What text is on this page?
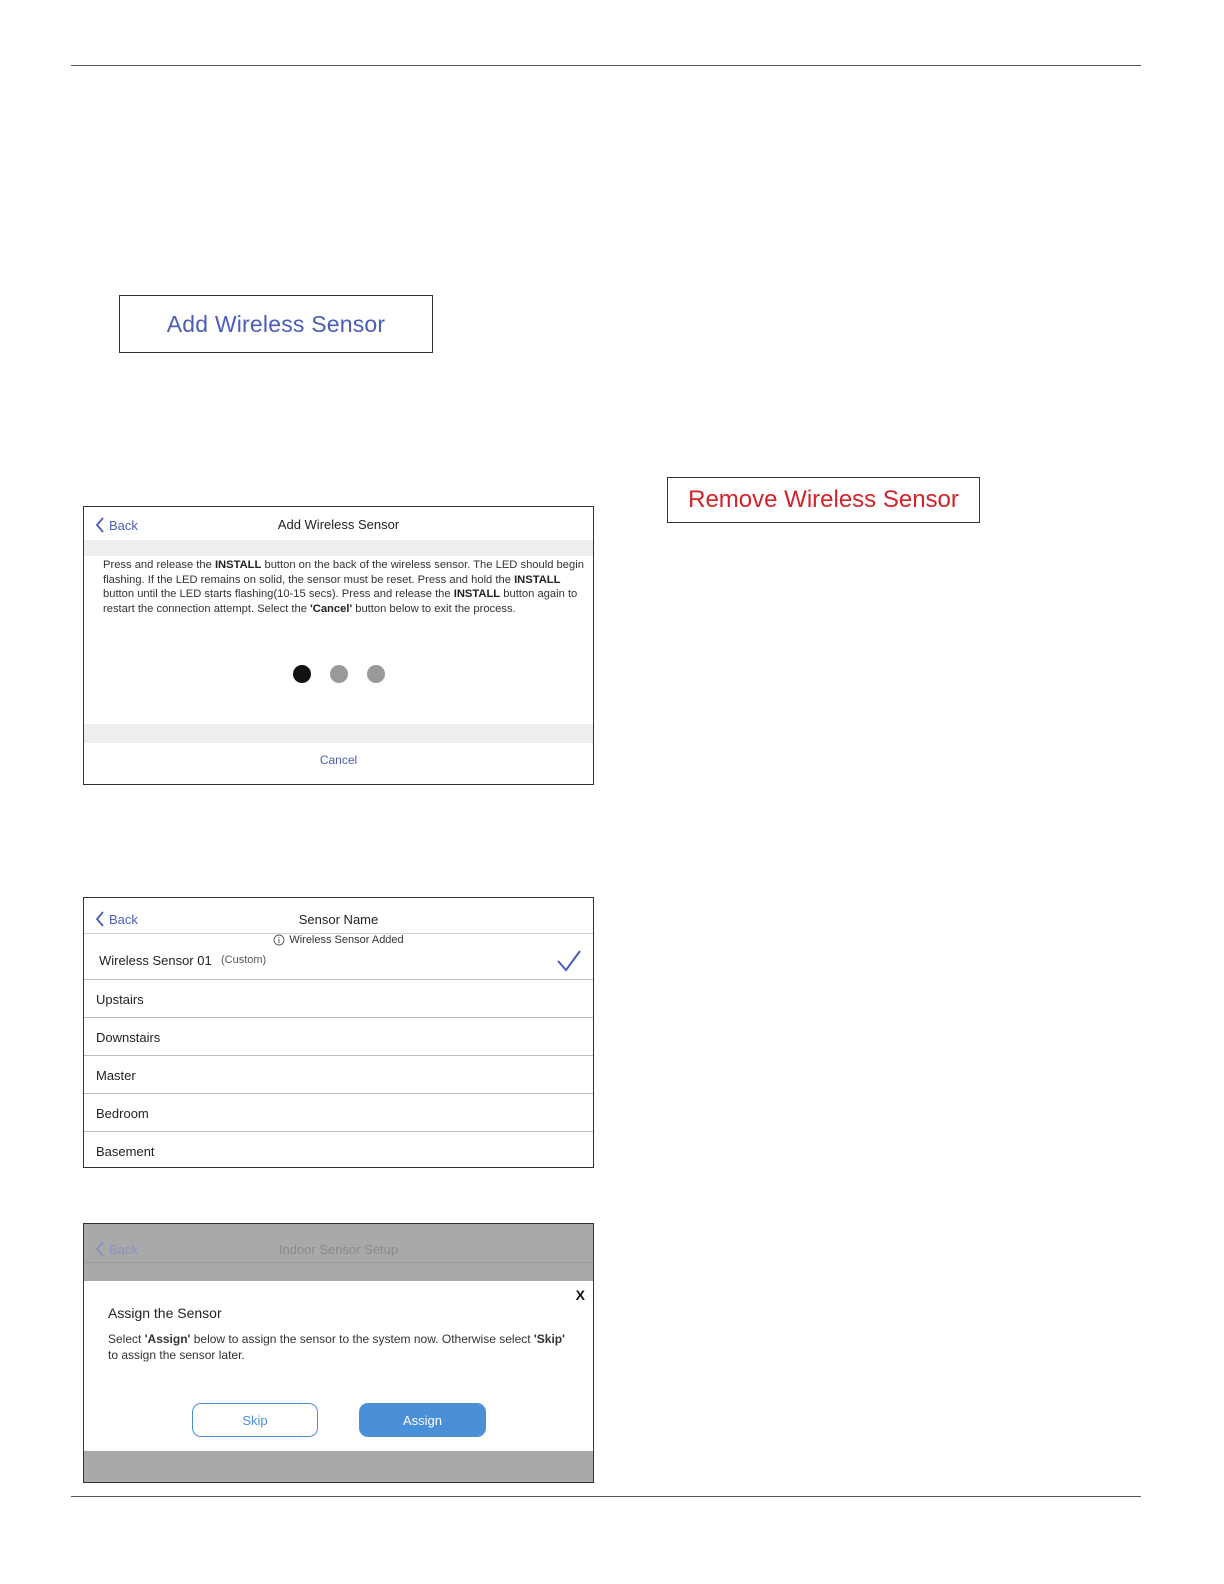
Add Wireless Sensor
Remove Wireless Sensor
Back	Add Wireless Sensor
Press and release the INSTALL button on the back of the wireless sensor. The LED should begin flashing. If the LED remains on solid, the sensor must be reset. Press and hold the INSTALL button until the LED starts flashing(10-15 secs). Press and release the INSTALL button again to restart the connection attempt. Select the 'Cancel' button below to exit the process.
Cancel
Back	Sensor Name
Wireless Sensor Added
Wireless Sensor 01 (Custom)
Upstairs
Downstairs
Master
Bedroom
Basement
Back	Indoor Sensor Setup
X
Assign the Sensor
Select 'Assign' below to assign the sensor to the system now. Otherwise select 'Skip' to assign the sensor later.
Skip	Assign
